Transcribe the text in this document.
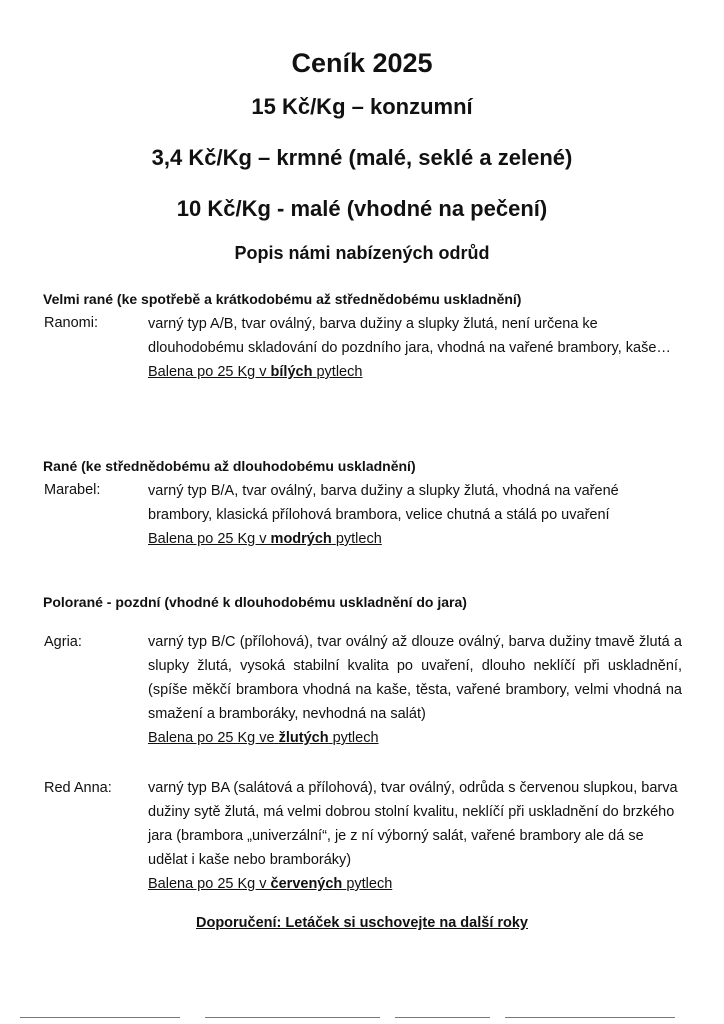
Ceník 2025
15 Kč/Kg – konzumní
3,4 Kč/Kg – krmné (malé, seklé a zelené)
10 Kč/Kg - malé (vhodné na pečení)
Popis námi nabízených odrůd
Velmi rané (ke spotřebě a krátkodobému až střednědobému uskladnění)
Ranomi:	varný typ A/B, tvar oválný, barva dužiny a slupky žlutá, není určena ke dlouhodobému skladování do pozdního jara, vhodná na vařené brambory, kaše…

Balena po 25 Kg v bílých pytlech
Rané (ke střednědobému až dlouhodobému uskladnění)
Marabel:	varný typ B/A, tvar oválný, barva dužiny a slupky žlutá, vhodná na vařené brambory, klasická přílohová brambora, velice chutná a stálá po uvaření

Balena po 25 Kg v modrých pytlech
Polorané - pozdní (vhodné k dlouhodobému uskladnění do jara)
Agria:	varný typ B/C (přílohová), tvar oválný až dlouze oválný, barva dužiny tmavě žlutá a slupky žlutá, vysoká stabilní kvalita po uvaření, dlouho neklíčí při uskladnění, (spíše měkčí brambora vhodná na kaše, těsta, vařené brambory, velmi vhodná na smažení a bramboráky, nevhodná na salát)

Balena po 25 Kg ve žlutých pytlech
Red Anna:	varný typ BA (salátová a přílohová), tvar oválný, odrůda s červenou slupkou, barva dužiny sytě žlutá, má velmi dobrou stolní kvalitu, neklíčí při uskladnění do brzkého jara (brambora „univerzální“, je z ní výborný salát, vařené brambory ale dá se udělat i kaše nebo bramboráky)

Balena po 25 Kg v červených pytlech
Doporučení: Letáček si uschovejte na další roky
